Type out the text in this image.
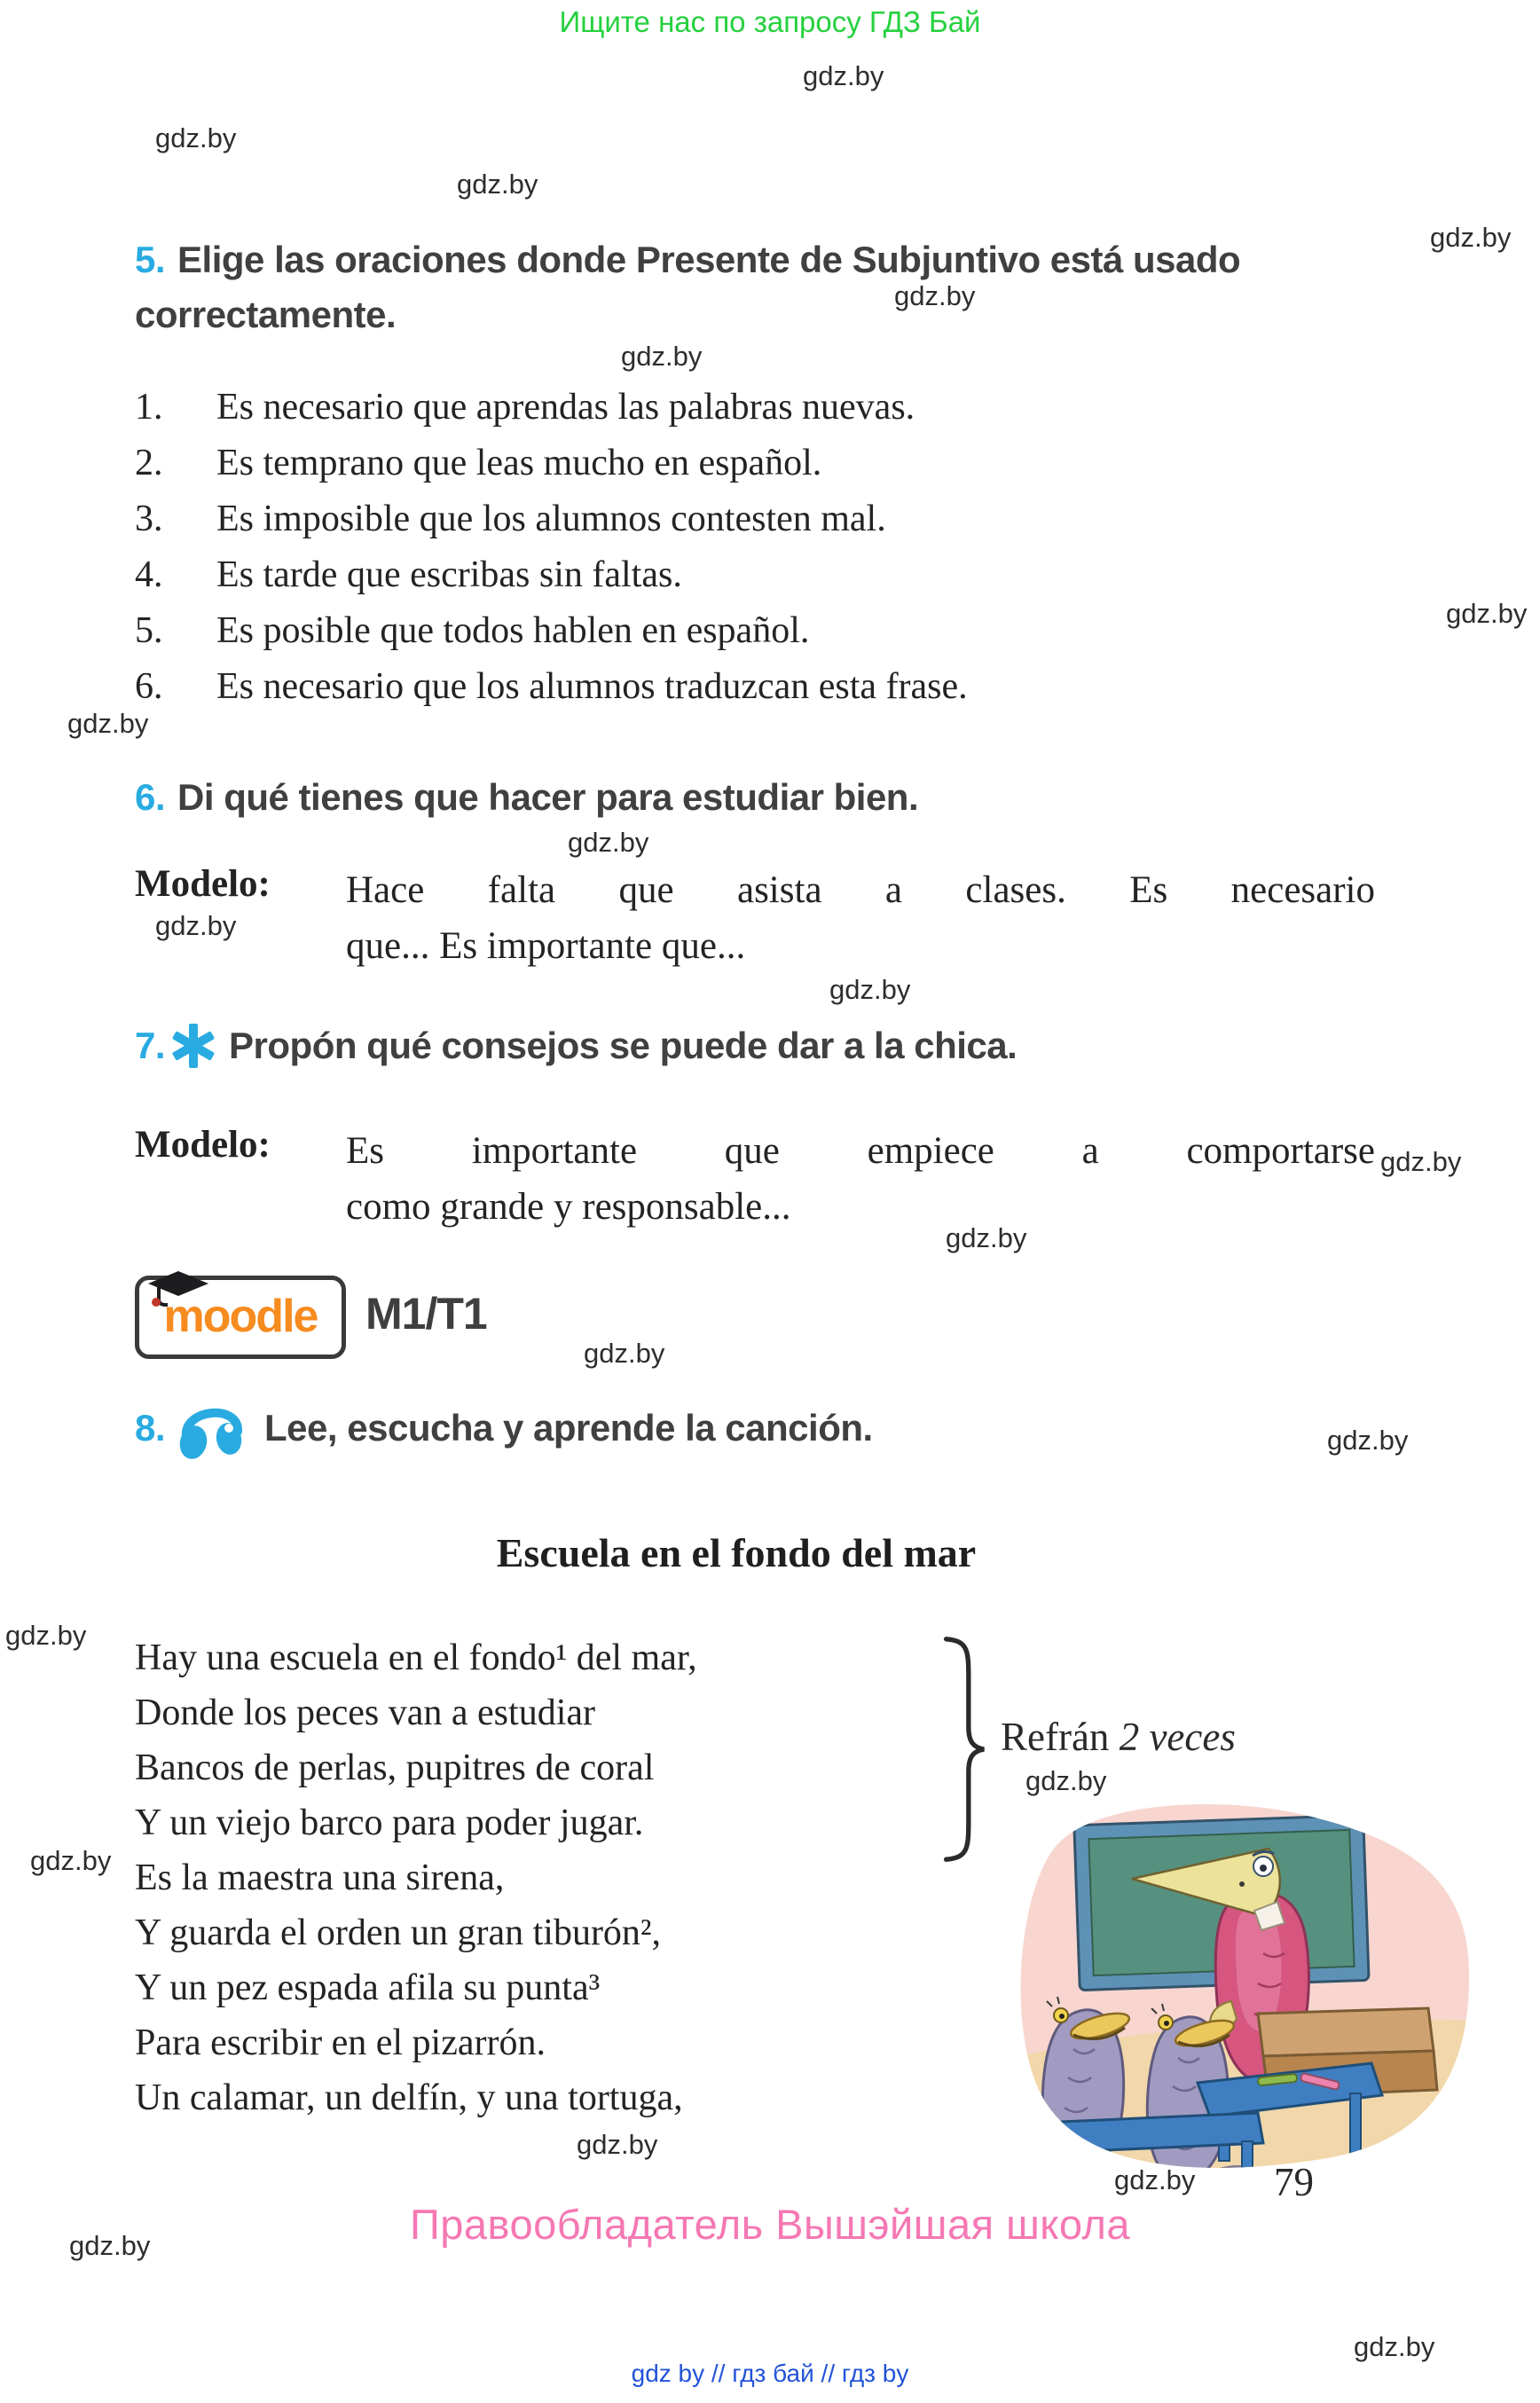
Ищите нас по запросу ГДЗ Бай
gdz.by
gdz.by
gdz.by
gdz.by
gdz.by
gdz.by
gdz.by
gdz.by
gdz.by
gdz.by
gdz.by
gdz.by
gdz.by
gdz.by
gdz.by
gdz.by
gdz.by
gdz.by
gdz.by
gdz.by
gdz.by
gdz.by
5. Elige las oraciones donde Presente de Subjuntivo está usado correctamente.
1.	Es necesario que aprendas las palabras nuevas.
2.	Es temprano que leas mucho en español.
3.	Es imposible que los alumnos contesten mal.
4.	Es tarde que escribas sin faltas.
5.	Es posible que todos hablen en español.
6.	Es necesario que los alumnos traduzcan esta frase.
6. Di qué tienes que hacer para estudiar bien.
Modelo: Hace falta que asista a clases. Es necesario
que... Es importante que...
7. Propón qué consejos se puede dar a la chica.
Modelo: Es importante que empiece a comportarse
como grande y responsable...
moodle M1/T1
8.	Lee, escucha y aprende la canción.
Escuela en el fondo del mar
Hay una escuela en el fondo¹ del mar,
Donde los peces van a estudiar
Bancos de perlas, pupitres de coral
Y un viejo barco para poder jugar.
Es la maestra una sirena,
Y guarda el orden un gran tiburón²,
Y un pez espada afila su punta³
Para escribir en el pizarrón.
Un calamar, un delfín, y una tortuga,
Refrán 2 veces
79
Правообладатель Вышэйшая школа
gdz by // гдз бай // гдз by
